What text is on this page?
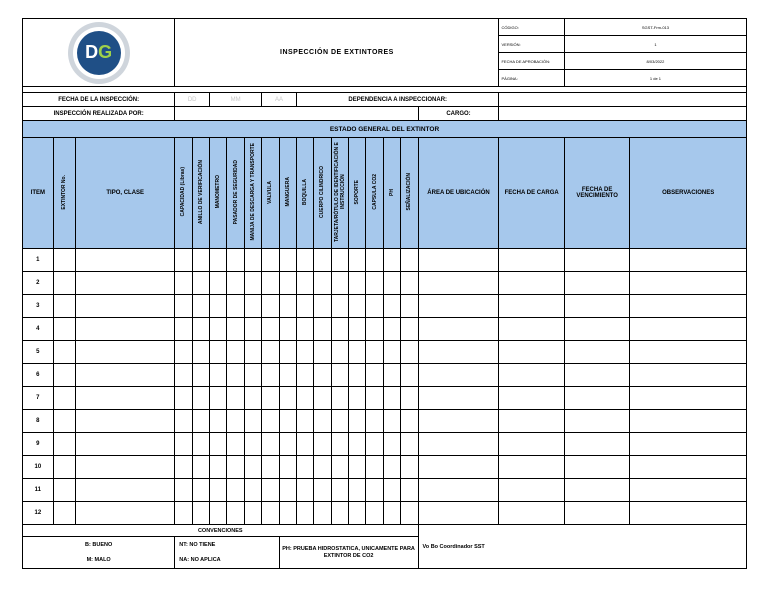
D G			INSPECCIÓN DE EXTINTORES															CÓDIGO:	SGST-Frm-013	
																		VERSIÓN:	1	
																		FECHA DE APROBACIÓN:	8/03/2022	
																		PÁGINA:	1 de 1	

FECHA DE LA INSPECCIÓN:			DD		MM			AA		DEPENDENCIA A INSPECCIONAR:										
INSPECCIÓN REALIZADA POR:																	CARGO:			
ESTADO GENERAL DEL EXTINTOR																				
ITEM	EXTINTOR No.	TIPO, CLASE	CAPACIDAD (Libras)	ANILLO DE VERIFICACIÓN	MANOMETRO	PASADOR DE SEGURIDAD	MANIJA DE DESCARGA Y TRANSPORTE	VALVULA	MANGUERA	BOQUILLA	CUERPO CILINDRICO	TARJETA/RÓTULO DE IDENTIFICACIÓN E INSTRUCCIÓN	SOPORTE	CAPSULA CO2	PH	SEÑALIZACIÓN	ÁREA DE UBICACIÓN	FECHA DE CARGA	FECHA DE VENCIMIENTO	OBSERVACIONES
1																				
2																				
3																				
4																				
5																				
6																				
7																				
8																				
9																				
10																				
11																				
12																				
CONVENCIONES																	Vo Bo Coordinador SST			
B: BUENO			NT: NO TIENE						PH: PRUEBA HIDROSTATICA, UNICAMENTE PARA EXTINTOR DE CO2											
M: MALO			NA: NO APLICA																	
